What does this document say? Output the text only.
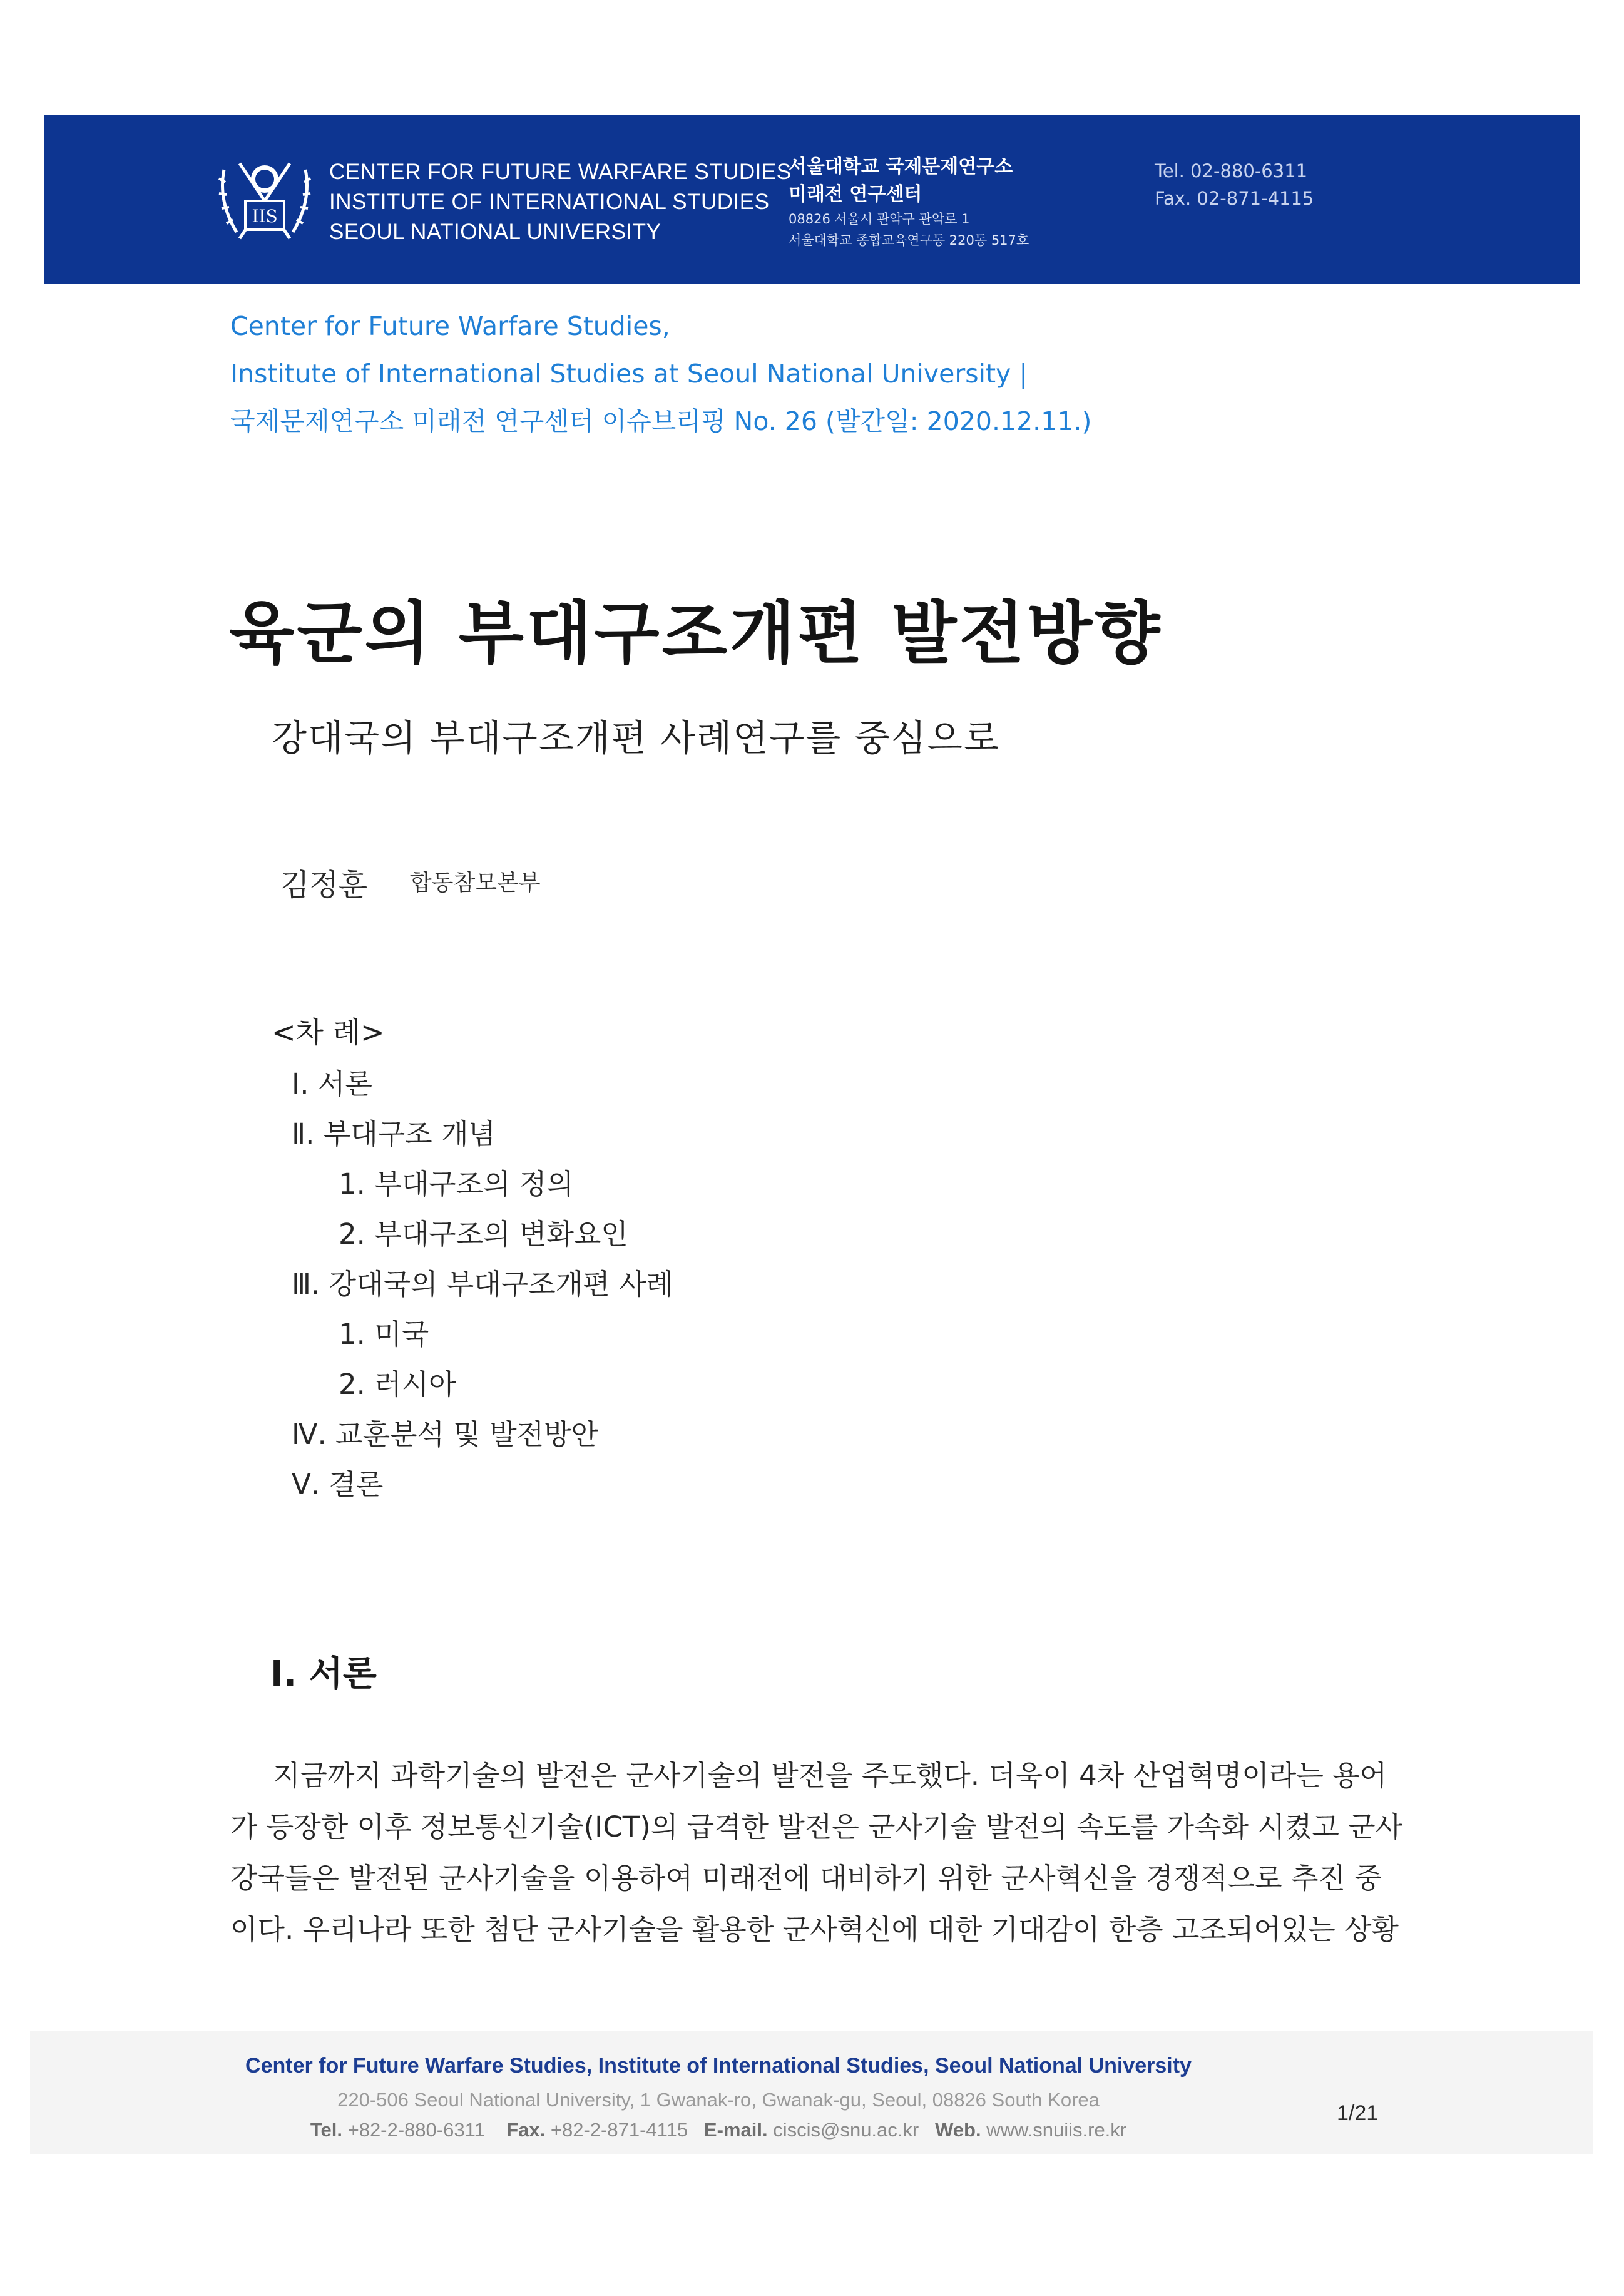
IIS
CENTER FOR FUTURE WARFARE STUDIES
INSTITUTE OF INTERNATIONAL STUDIES
SEOUL NATIONAL UNIVERSITY
서울대학교 국제문제연구소
미래전 연구센터
08826 서울시 관악구 관악로 1
서울대학교 종합교육연구동 220동 517호
Tel. 02-880-6311
Fax. 02-871-4115
Center for Future Warfare Studies,
Institute of International Studies at Seoul National University |
국제문제연구소 미래전 연구센터 이슈브리핑 No. 26 (발간일: 2020.12.11.)
육군의 부대구조개편 발전방향
강대국의 부대구조개편 사례연구를 중심으로
김정훈 합동참모본부
<차 례>
Ⅰ. 서론
Ⅱ. 부대구조 개념
1. 부대구조의 정의
2. 부대구조의 변화요인
Ⅲ. 강대국의 부대구조개편 사례
1. 미국
2. 러시아
Ⅳ. 교훈분석 및 발전방안
Ⅴ. 결론
I. 서론
지금까지 과학기술의 발전은 군사기술의 발전을 주도했다. 더욱이 4차 산업혁명이라는 용어
가 등장한 이후 정보통신기술(ICT)의 급격한 발전은 군사기술 발전의 속도를 가속화 시켰고 군사
강국들은 발전된 군사기술을 이용하여 미래전에 대비하기 위한 군사혁신을 경쟁적으로 추진 중
이다. 우리나라 또한 첨단 군사기술을 활용한 군사혁신에 대한 기대감이 한층 고조되어있는 상황
Center for Future Warfare Studies, Institute of International Studies, Seoul National University
220-506 Seoul National University, 1 Gwanak-ro, Gwanak-gu, Seoul, 08826 South Korea
Tel. +82-2-880-6311 Fax. +82-2-871-4115 E-mail. ciscis@snu.ac.kr Web. www.snuiis.re.kr
1/21
